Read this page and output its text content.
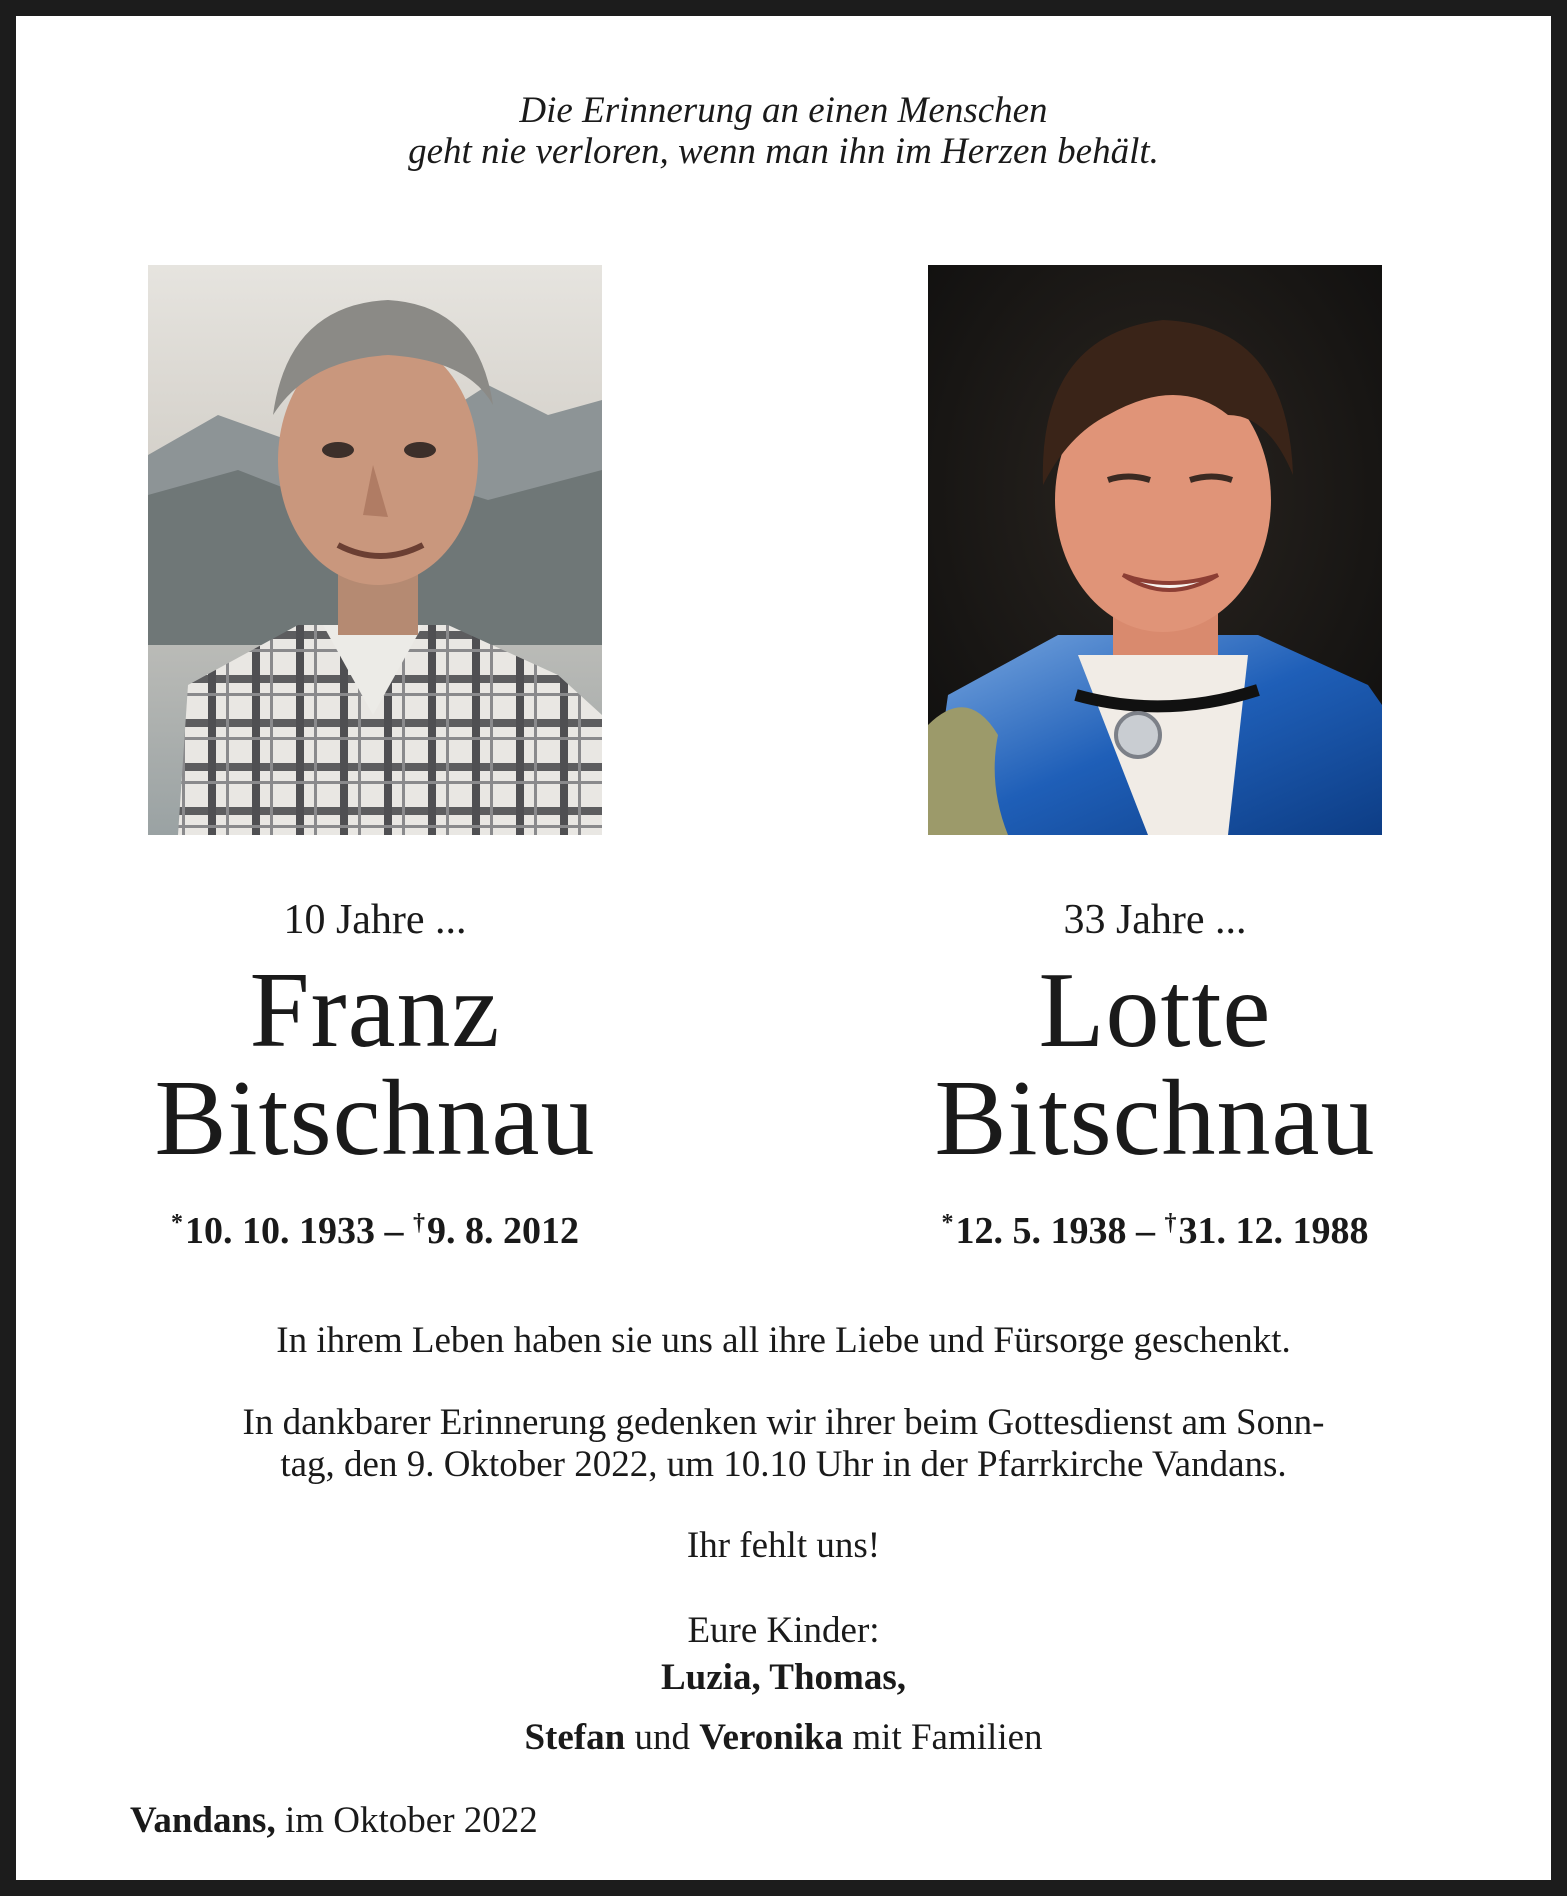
Die Erinnerung an einen Menschen
geht nie verloren, wenn man ihn im Herzen behält.
10 Jahre ...
Franz
Bitschnau
*10. 10. 1933 – †9. 8. 2012
33 Jahre ...
Lotte
Bitschnau
*12. 5. 1938 – †31. 12. 1988
In ihrem Leben haben sie uns all ihre Liebe und Fürsorge geschenkt.
In dankbarer Erinnerung gedenken wir ihrer beim Gottesdienst am Sonn-
tag, den 9. Oktober 2022, um 10.10 Uhr in der Pfarrkirche Vandans.
Ihr fehlt uns!
Eure Kinder:
Luzia, Thomas,
Stefan und Veronika mit Familien
Vandans, im Oktober 2022
